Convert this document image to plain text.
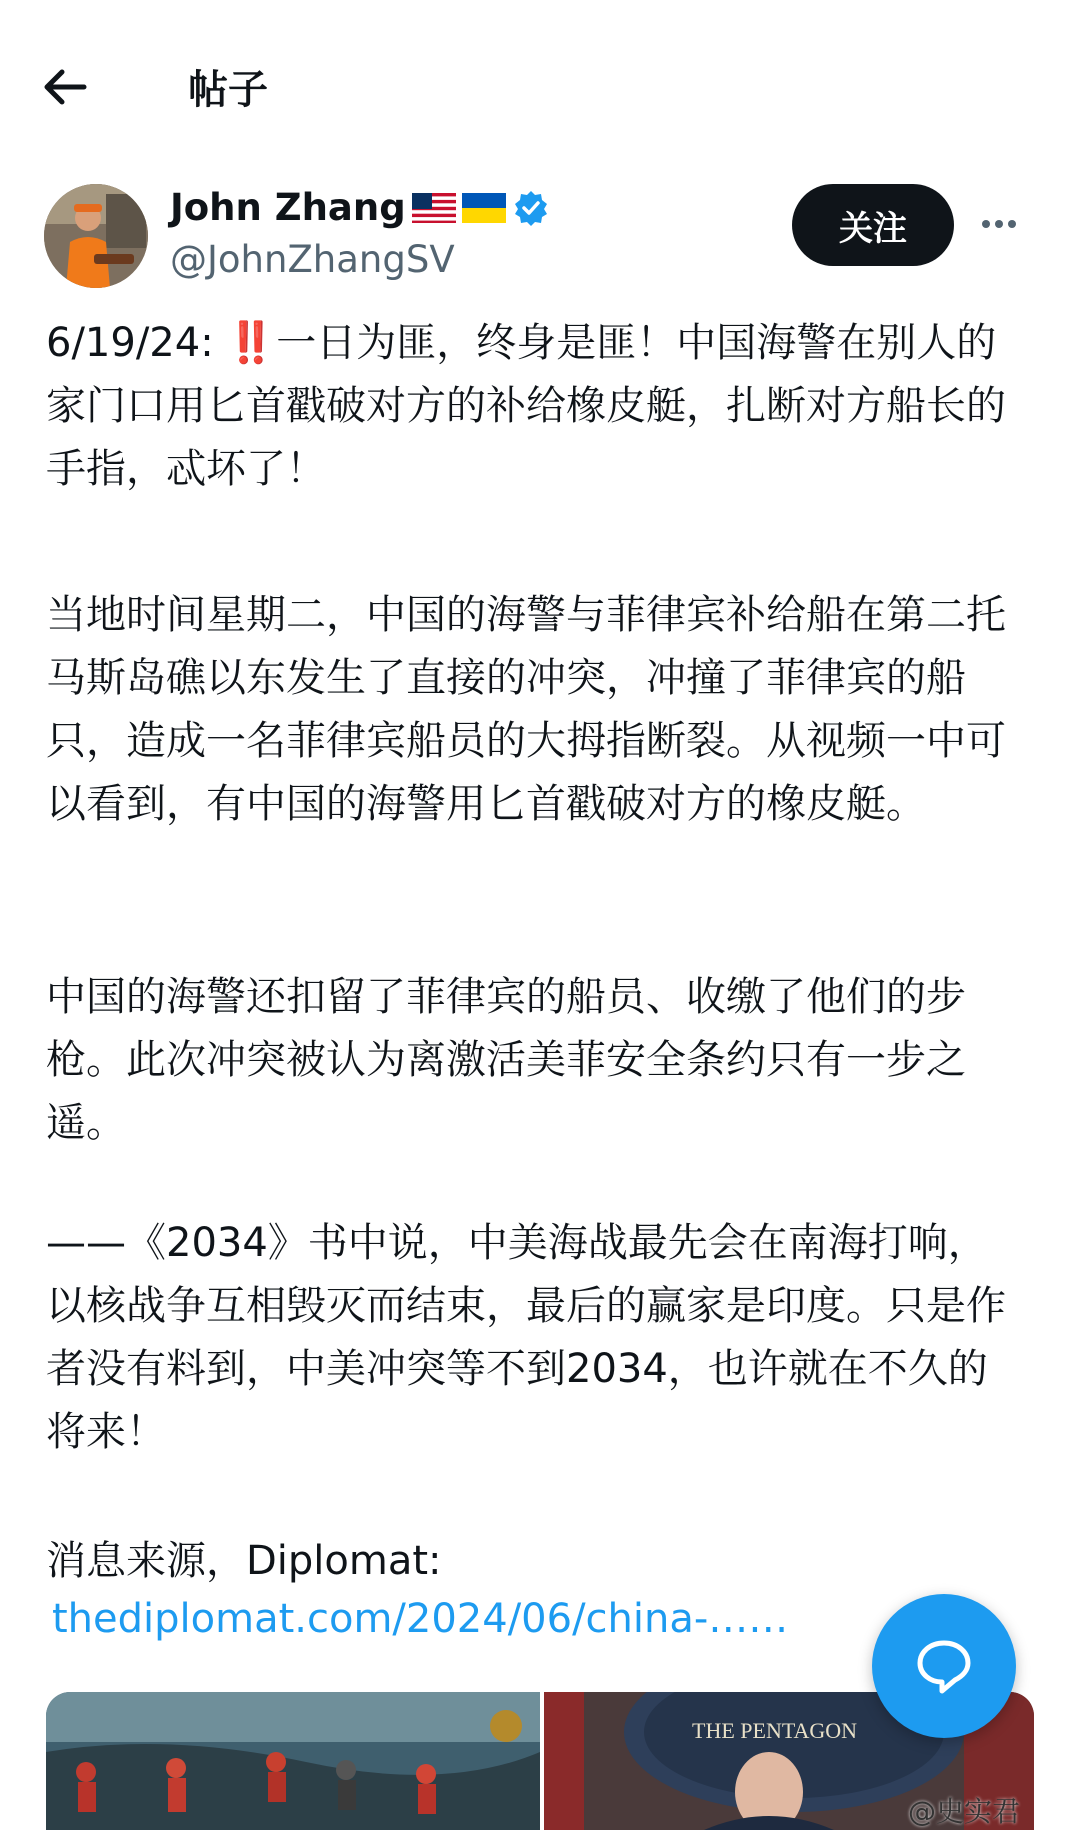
帖子
John Zhang
@JohnZhangSV
关注

6/19/24: ‼️一日为匪，终身是匪！中国海警在别人的家门口用匕首戳破对方的补给橡皮艇，扎断对方船长的手指，忒坏了！

当地时间星期二，中国的海警与菲律宾补给船在第二托马斯岛礁以东发生了直接的冲突，冲撞了菲律宾的船只，造成一名菲律宾船员的大拇指断裂。从视频一中可以看到，有中国的海警用匕首戳破对方的橡皮艇。

中国的海警还扣留了菲律宾的船员、收缴了他们的步枪。此次冲突被认为离激活美菲安全条约只有一步之遥。

——《2034》书中说，中美海战最先会在南海打响，以核战争互相毁灭而结束，最后的赢家是印度。只是作者没有料到，中美冲突等不到2034，也许就在不久的将来！

消息来源，Diplomat:

thediplomat.com/2024/06/china-……
THE PENTAGON
@史实君
